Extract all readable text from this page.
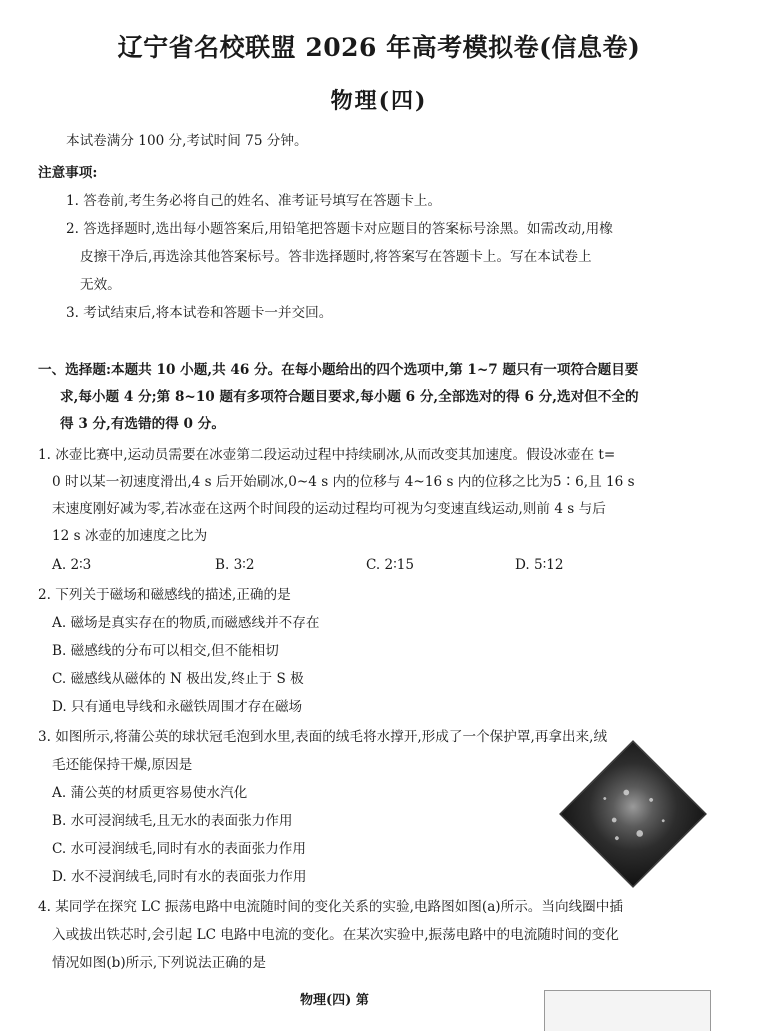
辽宁省名校联盟 2026 年高考模拟卷(信息卷)
物理(四)
本试卷满分 100 分,考试时间 75 分钟。
注意事项:
1. 答卷前,考生务必将自己的姓名、准考证号填写在答题卡上。
2. 答选择题时,选出每小题答案后,用铅笔把答题卡对应题目的答案标号涂黑。如需改动,用橡
皮擦干净后,再选涂其他答案标号。答非选择题时,将答案写在答题卡上。写在本试卷上
无效。
3. 考试结束后,将本试卷和答题卡一并交回。
一、选择题:本题共 10 小题,共 46 分。在每小题给出的四个选项中,第 1~7 题只有一项符合题目要
求,每小题 4 分;第 8~10 题有多项符合题目要求,每小题 6 分,全部选对的得 6 分,选对但不全的
得 3 分,有选错的得 0 分。
1. 冰壶比赛中,运动员需要在冰壶第二段运动过程中持续刷冰,从而改变其加速度。假设冰壶在 t=
0 时以某一初速度滑出,4 s 后开始刷冰,0~4 s 内的位移与 4~16 s 内的位移之比为5∶6,且 16 s
末速度刚好减为零,若冰壶在这两个时间段的运动过程均可视为匀变速直线运动,则前 4 s 与后
12 s 冰壶的加速度之比为
A. 2∶3	B. 3∶2	C. 2∶15	D. 5∶12
2. 下列关于磁场和磁感线的描述,正确的是
A. 磁场是真实存在的物质,而磁感线并不存在
B. 磁感线的分布可以相交,但不能相切
C. 磁感线从磁体的 N 极出发,终止于 S 极
D. 只有通电导线和永磁铁周围才存在磁场
3. 如图所示,将蒲公英的球状冠毛泡到水里,表面的绒毛将水撑开,形成了一个保护罩,再拿出来,绒
毛还能保持干燥,原因是
A. 蒲公英的材质更容易使水汽化
B. 水可浸润绒毛,且无水的表面张力作用
C. 水可浸润绒毛,同时有水的表面张力作用
D. 水不浸润绒毛,同时有水的表面张力作用
4. 某同学在探究 LC 振荡电路中电流随时间的变化关系的实验,电路图如图(a)所示。当向线圈中插
入或拔出铁芯时,会引起 LC 电路中电流的变化。在某次实验中,振荡电路中的电流随时间的变化
情况如图(b)所示,下列说法正确的是
物理(四) 第
